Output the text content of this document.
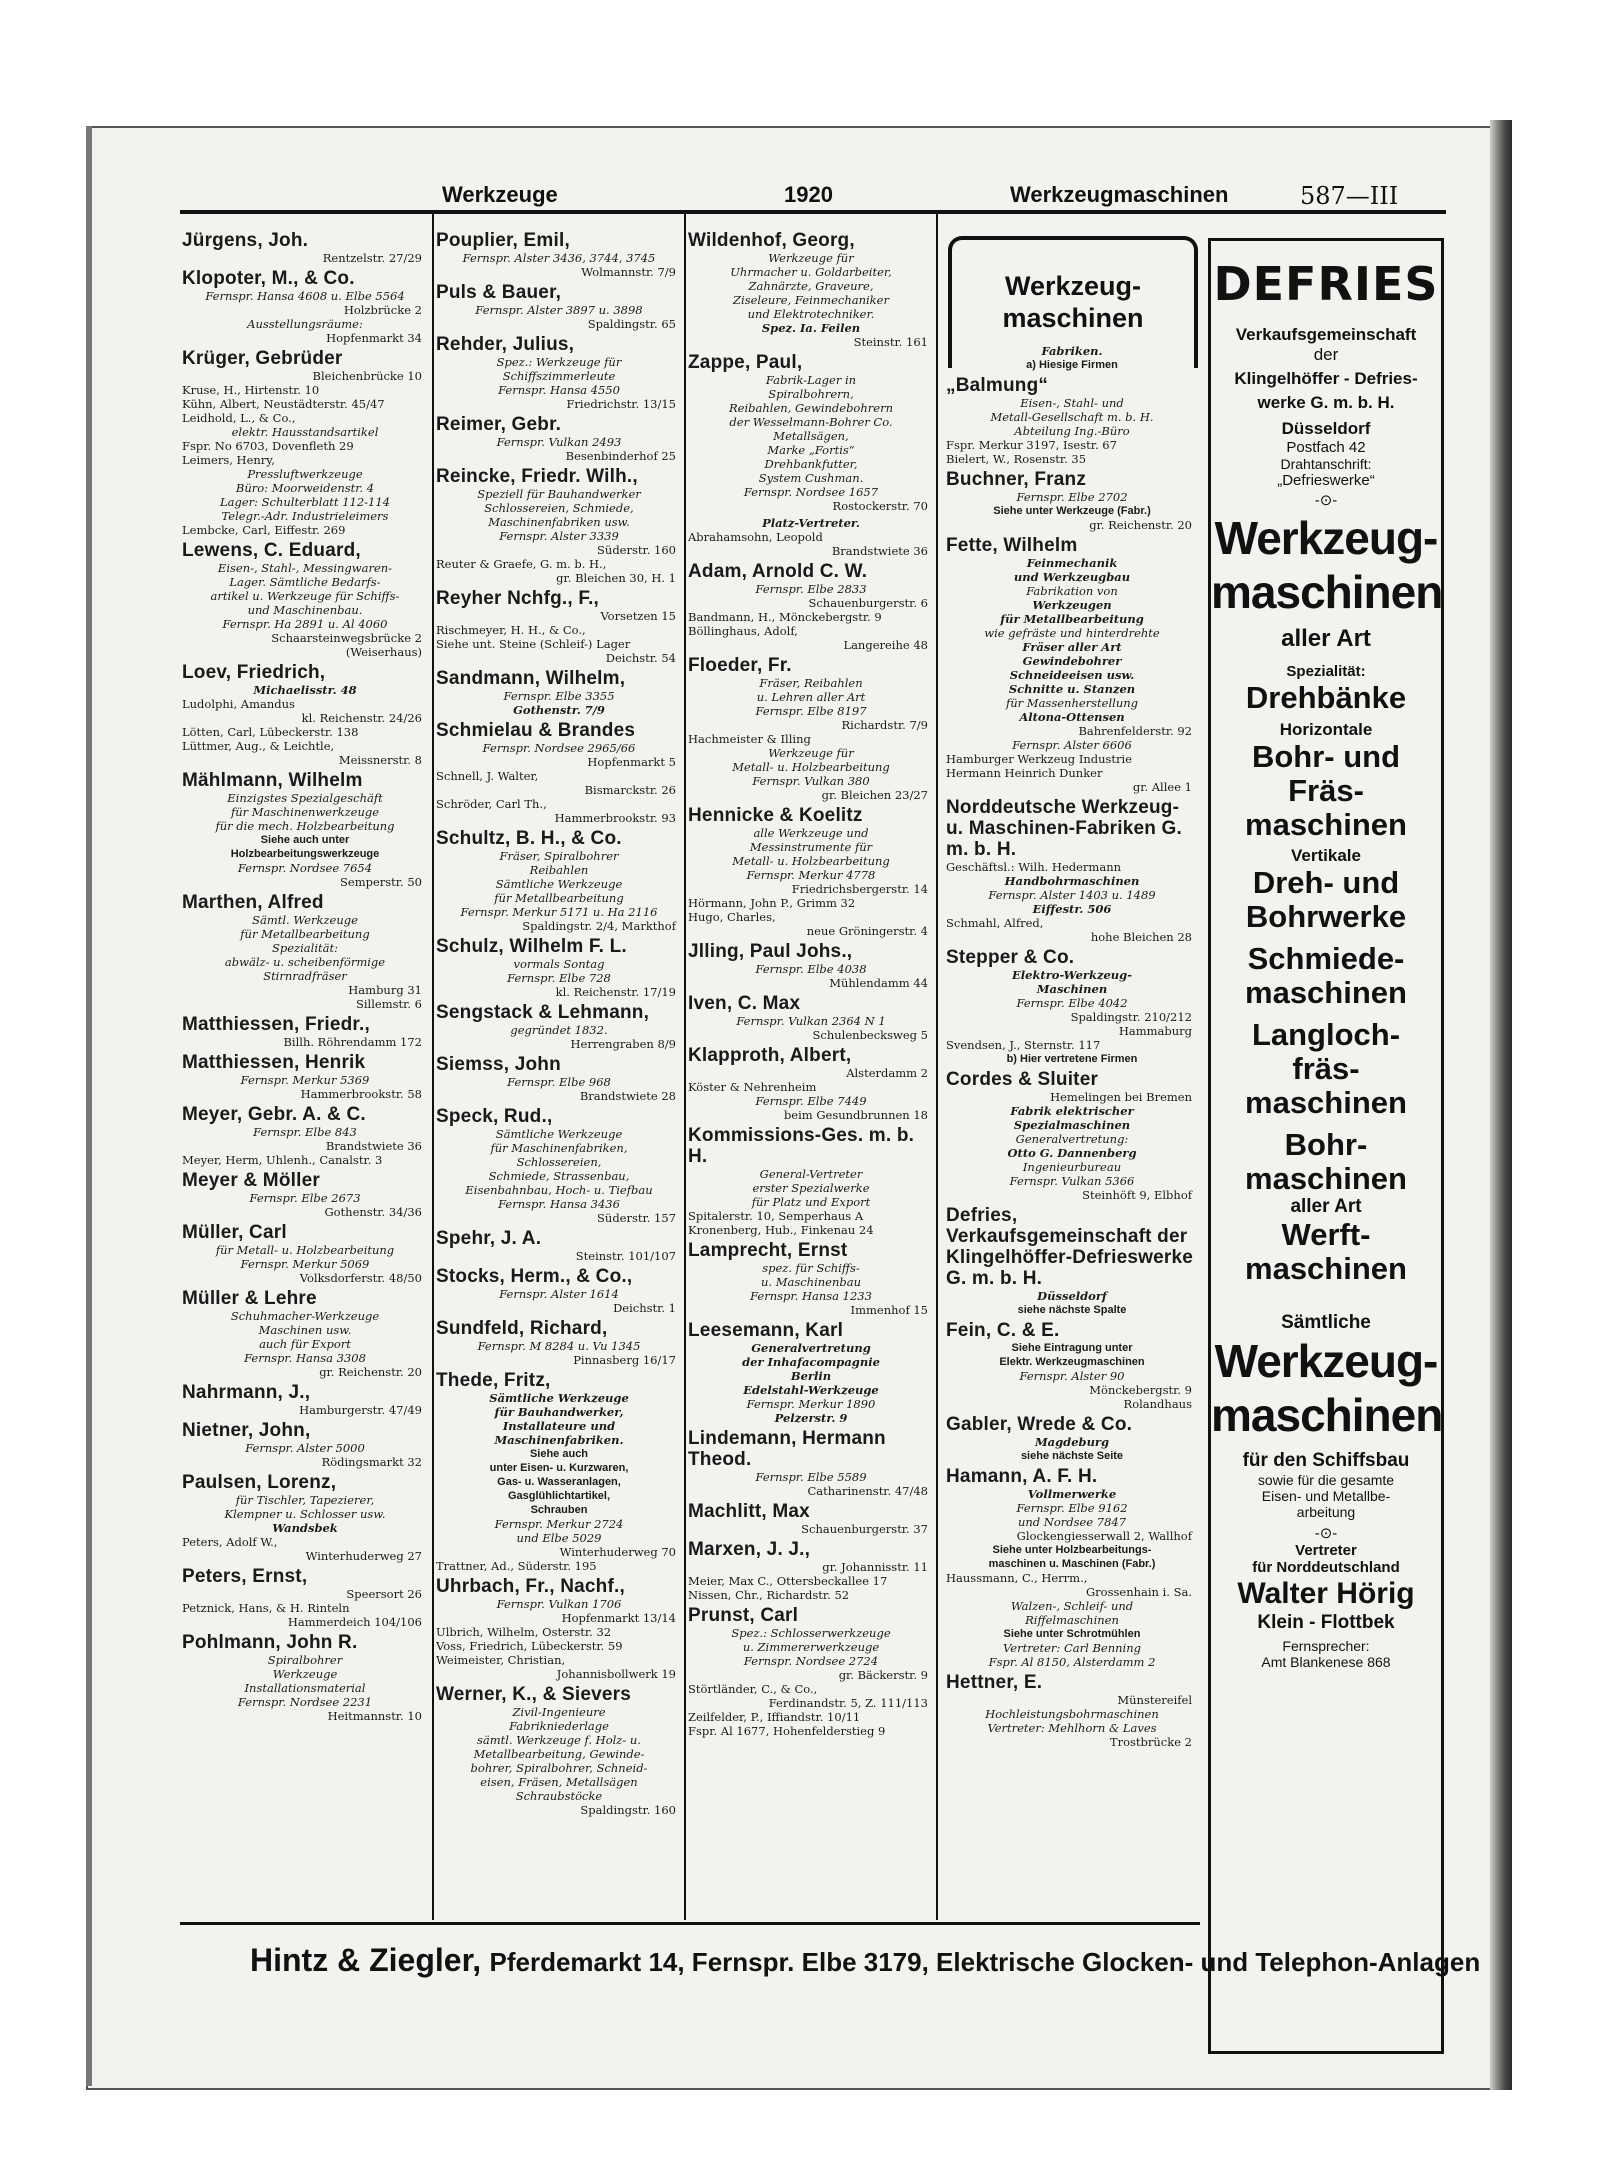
Werkzeuge	1920	Werkzeugmaschinen	587—III
Jürgens, Joh.
Rentzelstr. 27/29
Klopoter, M., & Co.
Fernspr. Hansa 4608 u. Elbe 5564
Holzbrücke 2
Ausstellungsräume:
Hopfenmarkt 34
Krüger, Gebrüder
Bleichenbrücke 10
Kruse, H., Hirtenstr. 10
Kühn, Albert, Neustädterstr. 45/47
Leidhold, L., & Co.,
elektr. Hausstandsartikel
Fspr. No 6703, Dovenfleth 29
Leimers, Henry,
Pressluftwerkzeuge
Büro: Moorweidenstr. 4
Lager: Schulterblatt 112-114
Telegr.-Adr. Industrieleimers
Lembcke, Carl, Eiffestr. 269
Lewens, C. Eduard,
Eisen-, Stahl-, Messingwaren-
Lager. Sämtliche Bedarfs-
artikel u. Werkzeuge für Schiffs-
und Maschinenbau.
Fernspr. Ha 2891 u. Al 4060
Schaarsteinwegsbrücke 2
(Weiserhaus)
Loev, Friedrich,
Michaelisstr. 48
Ludolphi, Amandus
kl. Reichenstr. 24/26
Lötten, Carl, Lübeckerstr. 138
Lüttmer, Aug., & Leichtle,
Meissnerstr. 8
Mählmann, Wilhelm
Einzigstes Spezialgeschäft
für Maschinenwerkzeuge
für die mech. Holzbearbeitung
Siehe auch unter
Holzbearbeitungswerkzeuge
Fernspr. Nordsee 7654
Semperstr. 50
Marthen, Alfred
Sämtl. Werkzeuge
für Metallbearbeitung
Spezialität:
abwälz- u. scheibenförmige
Stirnradfräser
Hamburg 31
Sillemstr. 6
Matthiessen, Friedr.,
Billh. Röhrendamm 172
Matthiessen, Henrik
Fernspr. Merkur 5369
Hammerbrookstr. 58
Meyer, Gebr. A. & C.
Fernspr. Elbe 843
Brandstwiete 36
Meyer, Herm, Uhlenh., Canalstr. 3
Meyer & Möller
Fernspr. Elbe 2673
Gothenstr. 34/36
Müller, Carl
für Metall- u. Holzbearbeitung
Fernspr. Merkur 5069
Volksdorferstr. 48/50
Müller & Lehre
Schuhmacher-Werkzeuge
Maschinen usw.
auch für Export
Fernspr. Hansa 3308
gr. Reichenstr. 20
Nahrmann, J.,
Hamburgerstr. 47/49
Nietner, John,
Fernspr. Alster 5000
Rödingsmarkt 32
Paulsen, Lorenz,
für Tischler, Tapezierer,
Klempner u. Schlosser usw.
Wandsbek
Peters, Adolf W.,
Winterhuderweg 27
Peters, Ernst,
Speersort 26
Petznick, Hans, & H. Rinteln
Hammerdeich 104/106
Pohlmann, John R.
Spiralbohrer
Werkzeuge
Installationsmaterial
Fernspr. Nordsee 2231
Heitmannstr. 10
Pouplier, Emil,
Fernspr. Alster 3436, 3744, 3745
Wolmannstr. 7/9
Puls & Bauer,
Fernspr. Alster 3897 u. 3898
Spaldingstr. 65
Rehder, Julius,
Spez.: Werkzeuge für
Schiffszimmerleute
Fernspr. Hansa 4550
Friedrichstr. 13/15
Reimer, Gebr.
Fernspr. Vulkan 2493
Besenbinderhof 25
Reincke, Friedr. Wilh.,
Speziell für Bauhandwerker
Schlossereien, Schmiede,
Maschinenfabriken usw.
Fernspr. Alster 3339
Süderstr. 160
Reuter & Graefe, G. m. b. H.,
gr. Bleichen 30, H. 1
Reyher Nchfg., F.,
Vorsetzen 15
Rischmeyer, H. H., & Co.,
Siehe unt. Steine (Schleif-) Lager
Deichstr. 54
Sandmann, Wilhelm,
Fernspr. Elbe 3355
Gothenstr. 7/9
Schmielau & Brandes
Fernspr. Nordsee 2965/66
Hopfenmarkt 5
Schnell, J. Walter,
Bismarckstr. 26
Schröder, Carl Th.,
Hammerbrookstr. 93
Schultz, B. H., & Co.
Fräser, Spiralbohrer
Reibahlen
Sämtliche Werkzeuge
für Metallbearbeitung
Fernspr. Merkur 5171 u. Ha 2116
Spaldingstr. 2/4, Markthof
Schulz, Wilhelm F. L.
vormals Sontag
Fernspr. Elbe 728
kl. Reichenstr. 17/19
Sengstack & Lehmann,
gegründet 1832.
Herrengraben 8/9
Siemss, John
Fernspr. Elbe 968
Brandstwiete 28
Speck, Rud.,
Sämtliche Werkzeuge
für Maschinenfabriken,
Schlossereien,
Schmiede, Strassenbau,
Eisenbahnbau, Hoch- u. Tiefbau
Fernspr. Hansa 3436
Süderstr. 157
Spehr, J. A.
Steinstr. 101/107
Stocks, Herm., & Co.,
Fernspr. Alster 1614
Deichstr. 1
Sundfeld, Richard,
Fernspr. M 8284 u. Vu 1345
Pinnasberg 16/17
Thede, Fritz,
Sämtliche Werkzeuge
für Bauhandwerker,
Installateure und
Maschinenfabriken.
Siehe auch
unter Eisen- u. Kurzwaren,
Gas- u. Wasseranlagen,
Gasglühlichtartikel,
Schrauben
Fernspr. Merkur 2724
und Elbe 5029
Winterhuderweg 70
Trattner, Ad., Süderstr. 195
Uhrbach, Fr., Nachf.,
Fernspr. Vulkan 1706
Hopfenmarkt 13/14
Ulbrich, Wilhelm, Osterstr. 32
Voss, Friedrich, Lübeckerstr. 59
Weimeister, Christian,
Johannisbollwerk 19
Werner, K., & Sievers
Zivil-Ingenieure
Fabrikniederlage
sämtl. Werkzeuge f. Holz- u.
Metallbearbeitung, Gewinde-
bohrer, Spiralbohrer, Schneid-
eisen, Fräsen, Metallsägen
Schraubstöcke
Spaldingstr. 160
Wildenhof, Georg,
Werkzeuge für
Uhrmacher u. Goldarbeiter,
Zahnärzte, Graveure,
Ziseleure, Feinmechaniker
und Elektrotechniker.
Spez. Ia. Feilen
Steinstr. 161
Zappe, Paul,
Fabrik-Lager in
Spiralbohrern,
Reibahlen, Gewindebohrern
der Wesselmann-Bohrer Co.
Metallsägen,
Marke „Fortis“
Drehbankfutter,
System Cushman.
Fernspr. Nordsee 1657
Rostockerstr. 70
Platz-Vertreter.
Abrahamsohn, Leopold
Brandstwiete 36
Adam, Arnold C. W.
Fernspr. Elbe 2833
Schauenburgerstr. 6
Bandmann, H., Mönckebergstr. 9
Böllinghaus, Adolf,
Langereihe 48
Floeder, Fr.
Fräser, Reibahlen
u. Lehren aller Art
Fernspr. Elbe 8197
Richardstr. 7/9
Hachmeister & Illing
Werkzeuge für
Metall- u. Holzbearbeitung
Fernspr. Vulkan 380
gr. Bleichen 23/27
Hennicke & Koelitz
alle Werkzeuge und
Messinstrumente für
Metall- u. Holzbearbeitung
Fernspr. Merkur 4778
Friedrichsbergerstr. 14
Hörmann, John P., Grimm 32
Hugo, Charles,
neue Gröningerstr. 4
Jlling, Paul Johs.,
Fernspr. Elbe 4038
Mühlendamm 44
Iven, C. Max
Fernspr. Vulkan 2364 N 1
Schulenbecksweg 5
Klapproth, Albert,
Alsterdamm 2
Köster & Nehrenheim
Fernspr. Elbe 7449
beim Gesundbrunnen 18
Kommissions-Ges. m. b. H.
General-Vertreter
erster Spezialwerke
für Platz und Export
Spitalerstr. 10, Semperhaus A
Kronenberg, Hub., Finkenau 24
Lamprecht, Ernst
spez. für Schiffs-
u. Maschinenbau
Fernspr. Hansa 1233
Immenhof 15
Leesemann, Karl
Generalvertretung
der Inhafacompagnie
Berlin
Edelstahl-Werkzeuge
Fernspr. Merkur 1890
Pelzerstr. 9
Lindemann, Hermann Theod.
Fernspr. Elbe 5589
Catharinenstr. 47/48
Machlitt, Max
Schauenburgerstr. 37
Marxen, J. J.,
gr. Johannisstr. 11
Meier, Max C., Ottersbeckallee 17
Nissen, Chr., Richardstr. 52
Prunst, Carl
Spez.: Schlosserwerkzeuge
u. Zimmererwerkzeuge
Fernspr. Nordsee 2724
gr. Bäckerstr. 9
Störtländer, C., & Co.,
Ferdinandstr. 5, Z. 111/113
Zeilfelder, P., Iffiandstr. 10/11
Fspr. Al 1677, Hohenfelderstieg 9
Werkzeug-
maschinen
Fabriken.
a) Hiesige Firmen
„Balmung“
Eisen-, Stahl- und
Metall-Gesellschaft m. b. H.
Abteilung Ing.-Büro
Fspr. Merkur 3197, Isestr. 67
Bielert, W., Rosenstr. 35
Buchner, Franz
Fernspr. Elbe 2702
Siehe unter Werkzeuge (Fabr.)
gr. Reichenstr. 20
Fette, Wilhelm
Feinmechanik
und Werkzeugbau
Fabrikation von
Werkzeugen
für Metallbearbeitung
wie gefräste und hinterdrehte
Fräser aller Art
Gewindebohrer
Schneideeisen usw.
Schnitte u. Stanzen
für Massenherstellung
Altona-Ottensen
Bahrenfelderstr. 92
Fernspr. Alster 6606
Hamburger Werkzeug Industrie
Hermann Heinrich Dunker
gr. Allee 1
Norddeutsche Werkzeug- u. Maschinen-Fabriken G. m. b. H.
Geschäftsl.: Wilh. Hedermann
Handbohrmaschinen
Fernspr. Alster 1403 u. 1489
Eiffestr. 506
Schmahl, Alfred,
hohe Bleichen 28
Stepper & Co.
Elektro-Werkzeug-
Maschinen
Fernspr. Elbe 4042
Spaldingstr. 210/212
Hammaburg
Svendsen, J., Sternstr. 117
b) Hier vertretene Firmen
Cordes & Sluiter
Hemelingen bei Bremen
Fabrik elektrischer
Spezialmaschinen
Generalvertretung:
Otto G. Dannenberg
Ingenieurbureau
Fernspr. Vulkan 5366
Steinhöft 9, Elbhof
Defries, Verkaufsgemeinschaft der Klingelhöffer-Defrieswerke G. m. b. H.
Düsseldorf
siehe nächste Spalte
Fein, C. & E.
Siehe Eintragung unter
Elektr. Werkzeugmaschinen
Fernspr. Alster 90
Mönckebergstr. 9
Rolandhaus
Gabler, Wrede & Co.
Magdeburg
siehe nächste Seite
Hamann, A. F. H.
Vollmerwerke
Fernspr. Elbe 9162
und Nordsee 7847
Glockengiesserwall 2, Wallhof
Siehe unter Holzbearbeitungs-
maschinen u. Maschinen (Fabr.)
Haussmann, C., Herrm.,
Grossenhain i. Sa.
Walzen-, Schleif- und
Riffelmaschinen
Siehe unter Schrotmühlen
Vertreter: Carl Benning
Fspr. Al 8150, Alsterdamm 2
Hettner, E.
Münstereifel
Hochleistungsbohrmaschinen
Vertreter: Mehlhorn & Laves
Trostbrücke 2
DEFRIES
Verkaufsgemeinschaft
der
Klingelhöffer - Defries-
werke G. m. b. H.
Düsseldorf
Postfach 42
Drahtanschrift:
„Defrieswerke“
-⊙-
Werkzeug-
maschinen
aller Art
Spezialität:
Drehbänke
Horizontale
Bohr- und
Fräs-
maschinen
Vertikale
Dreh- und
Bohrwerke
Schmiede-
maschinen
Langloch-
fräs-
maschinen
Bohr-
maschinen
aller Art
Werft-
maschinen
Sämtliche
Werkzeug-
maschinen
für den Schiffsbau
sowie für die gesamte
Eisen- und Metallbe-
arbeitung
-⊙-
Vertreter
für Norddeutschland
Walter Hörig
Klein - Flottbek
Fernsprecher:
Amt Blankenese 868
Hintz & Ziegler, Pferdemarkt 14, Fernspr. Elbe 3179, Elektrische Glocken- und Telephon-Anlagen
